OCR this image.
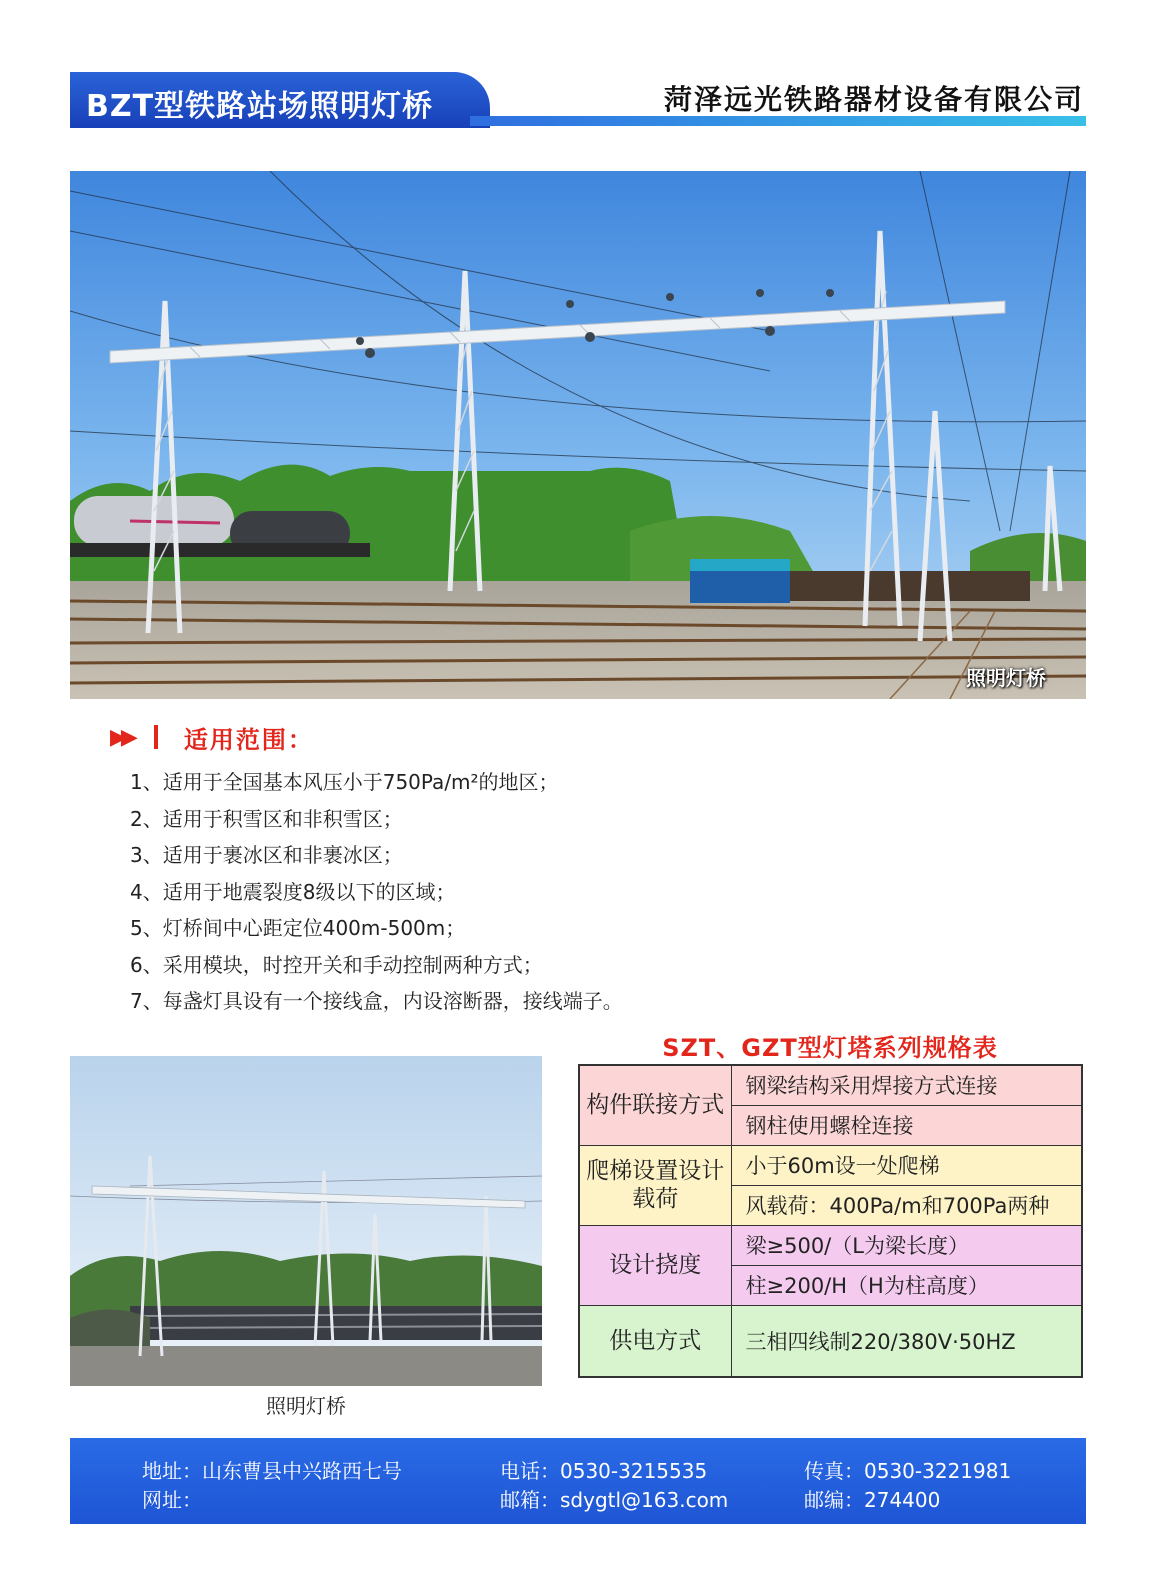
BZT型铁路站场照明灯桥	菏泽远光铁路器材设备有限公司
照明灯桥
▶▶ 适用范围：
1、适用于全国基本风压小于750Pa/m²的地区；
2、适用于积雪区和非积雪区；
3、适用于裹冰区和非裹冰区；
4、适用于地震裂度8级以下的区域；
5、灯桥间中心距定位400m-500m；
6、采用模块，时控开关和手动控制两种方式；
7、每盏灯具设有一个接线盒，内设溶断器，接线端子。
照明灯桥
SZT、GZT型灯塔系列规格表
构件联接方式	钢梁结构采用焊接方式连接
	钢柱使用螺栓连接
爬梯设置设计载荷	小于60m设一处爬梯
	风载荷：400Pa/m和700Pa两种
设计挠度	梁≥500/（L为梁长度）
	柱≥200/H（H为柱高度）
供电方式	三相四线制220/380V·50HZ
地址：山东曹县中兴路西七号
网址：
电话：0530-3215535
邮箱：sdygtl@163.com
传真：0530-3221981
邮编：274400
